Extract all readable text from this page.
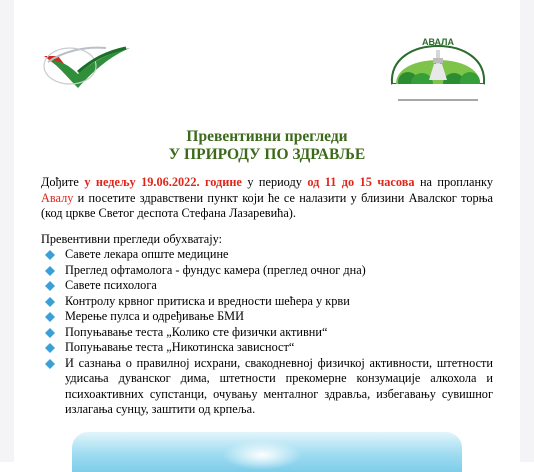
АВАЛА
Превентивни прегледи
У ПРИРОДУ ПО ЗДРАВЉЕ
Дођите у недељу 19.06.2022. године у периоду од 11 до 15 часова на пропланку Авалу и посетите здравствени пункт који ће се налазити у близини Авалског торња (код цркве Светог деспота Стефана Лазаревића).
Превентивни прегледи обухватају:
Савете лекара опште медицине
Преглед офтамолога - фундус камера (преглед очног дна)
Савете психолога
Контролу крвног притиска и вредности шећера у крви
Мерење пулса и одређивање БМИ
Попуњавање теста „Колико сте физички активни“
Попуњавање теста „Никотинска зависност“
И сазнања о правилној исхрани, свакодневној физичкој активности, штетности удисања дуванског дима, штетности прекомерне конзумације алкохола и психоактивних супстанци, очувању менталног здравља, избегавању сувишног излагања сунцу, заштити од крпеља.
